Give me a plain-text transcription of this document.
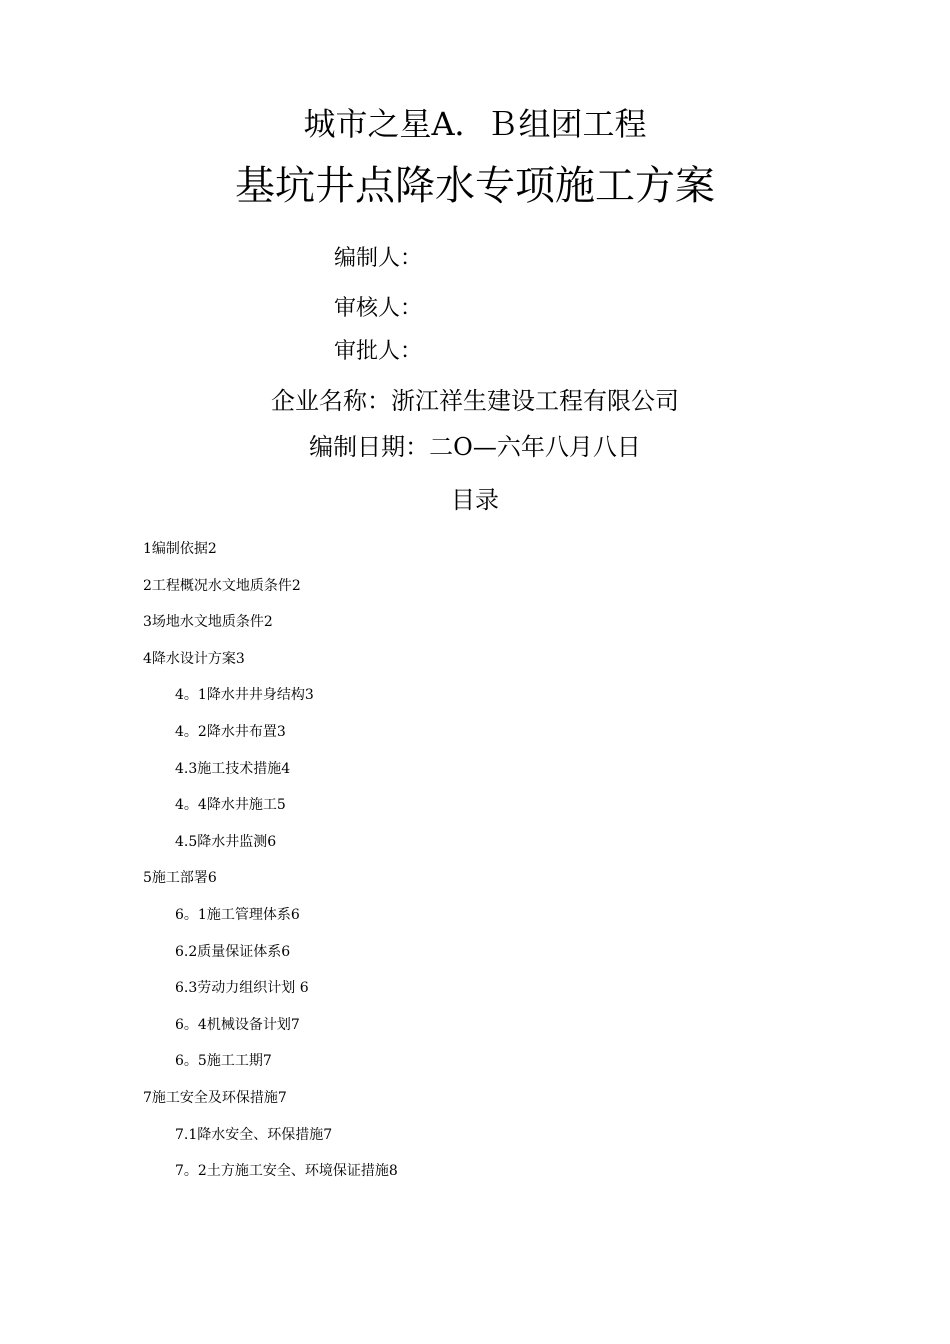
城市之星A．Ｂ组团工程
基坑井点降水专项施工方案
编制人：
审核人：
审批人：
企业名称：浙江祥生建设工程有限公司
编制日期：二O—六年八月八日
目录
1编制依据2
2工程概况水文地质条件2
3场地水文地质条件2
4降水设计方案3
4。1降水井井身结构3
4。2降水井布置3
4.3施工技术措施4
4。4降水井施工5
4.5降水井监测6
5施工部署6
6。1施工管理体系6
6.2质量保证体系6
6.3劳动力组织计划 6
6。4机械设备计划7
6。5施工工期7
7施工安全及环保措施7
7.1降水安全、环保措施7
7。2土方施工安全、环境保证措施8
